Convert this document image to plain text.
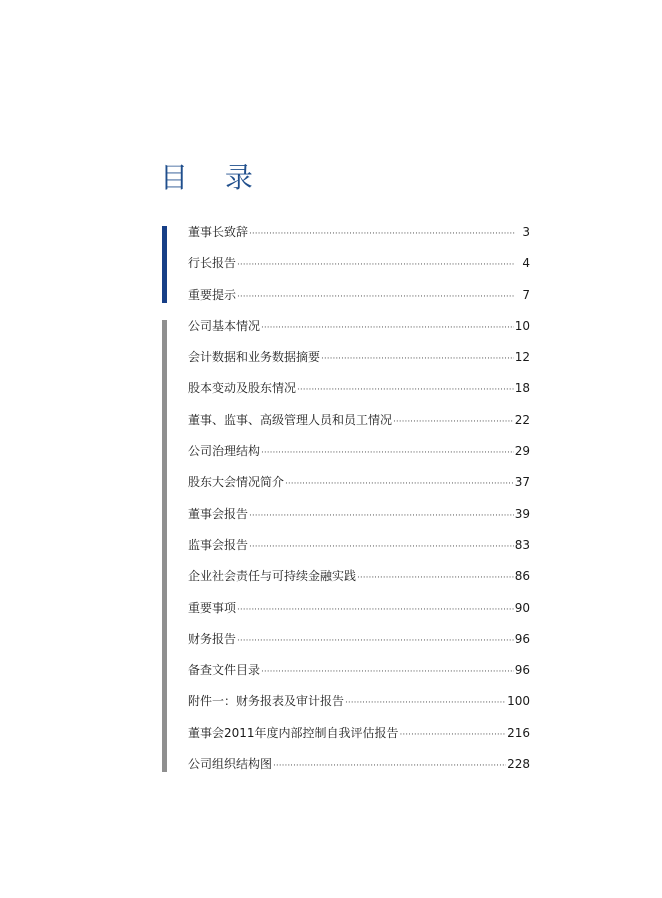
目 录
董事长致辞 ·····	3
行长报告 ·····	4
重要提示 ·····	7
公司基本情况 ·····	10
会计数据和业务数据摘要 ·····	12
股本变动及股东情况 ·····	18
董事、监事、高级管理人员和员工情况 ·····	22
公司治理结构 ·····	29
股东大会情况简介 ·····	37
董事会报告 ·····	39
监事会报告 ·····	83
企业社会责任与可持续金融实践 ·····	86
重要事项 ·····	90
财务报告 ·····	96
备查文件目录 ·····	96
附件一：财务报表及审计报告 ·····	100
董事会2011年度内部控制自我评估报告 ·····	216
公司组织结构图 ·····	228
